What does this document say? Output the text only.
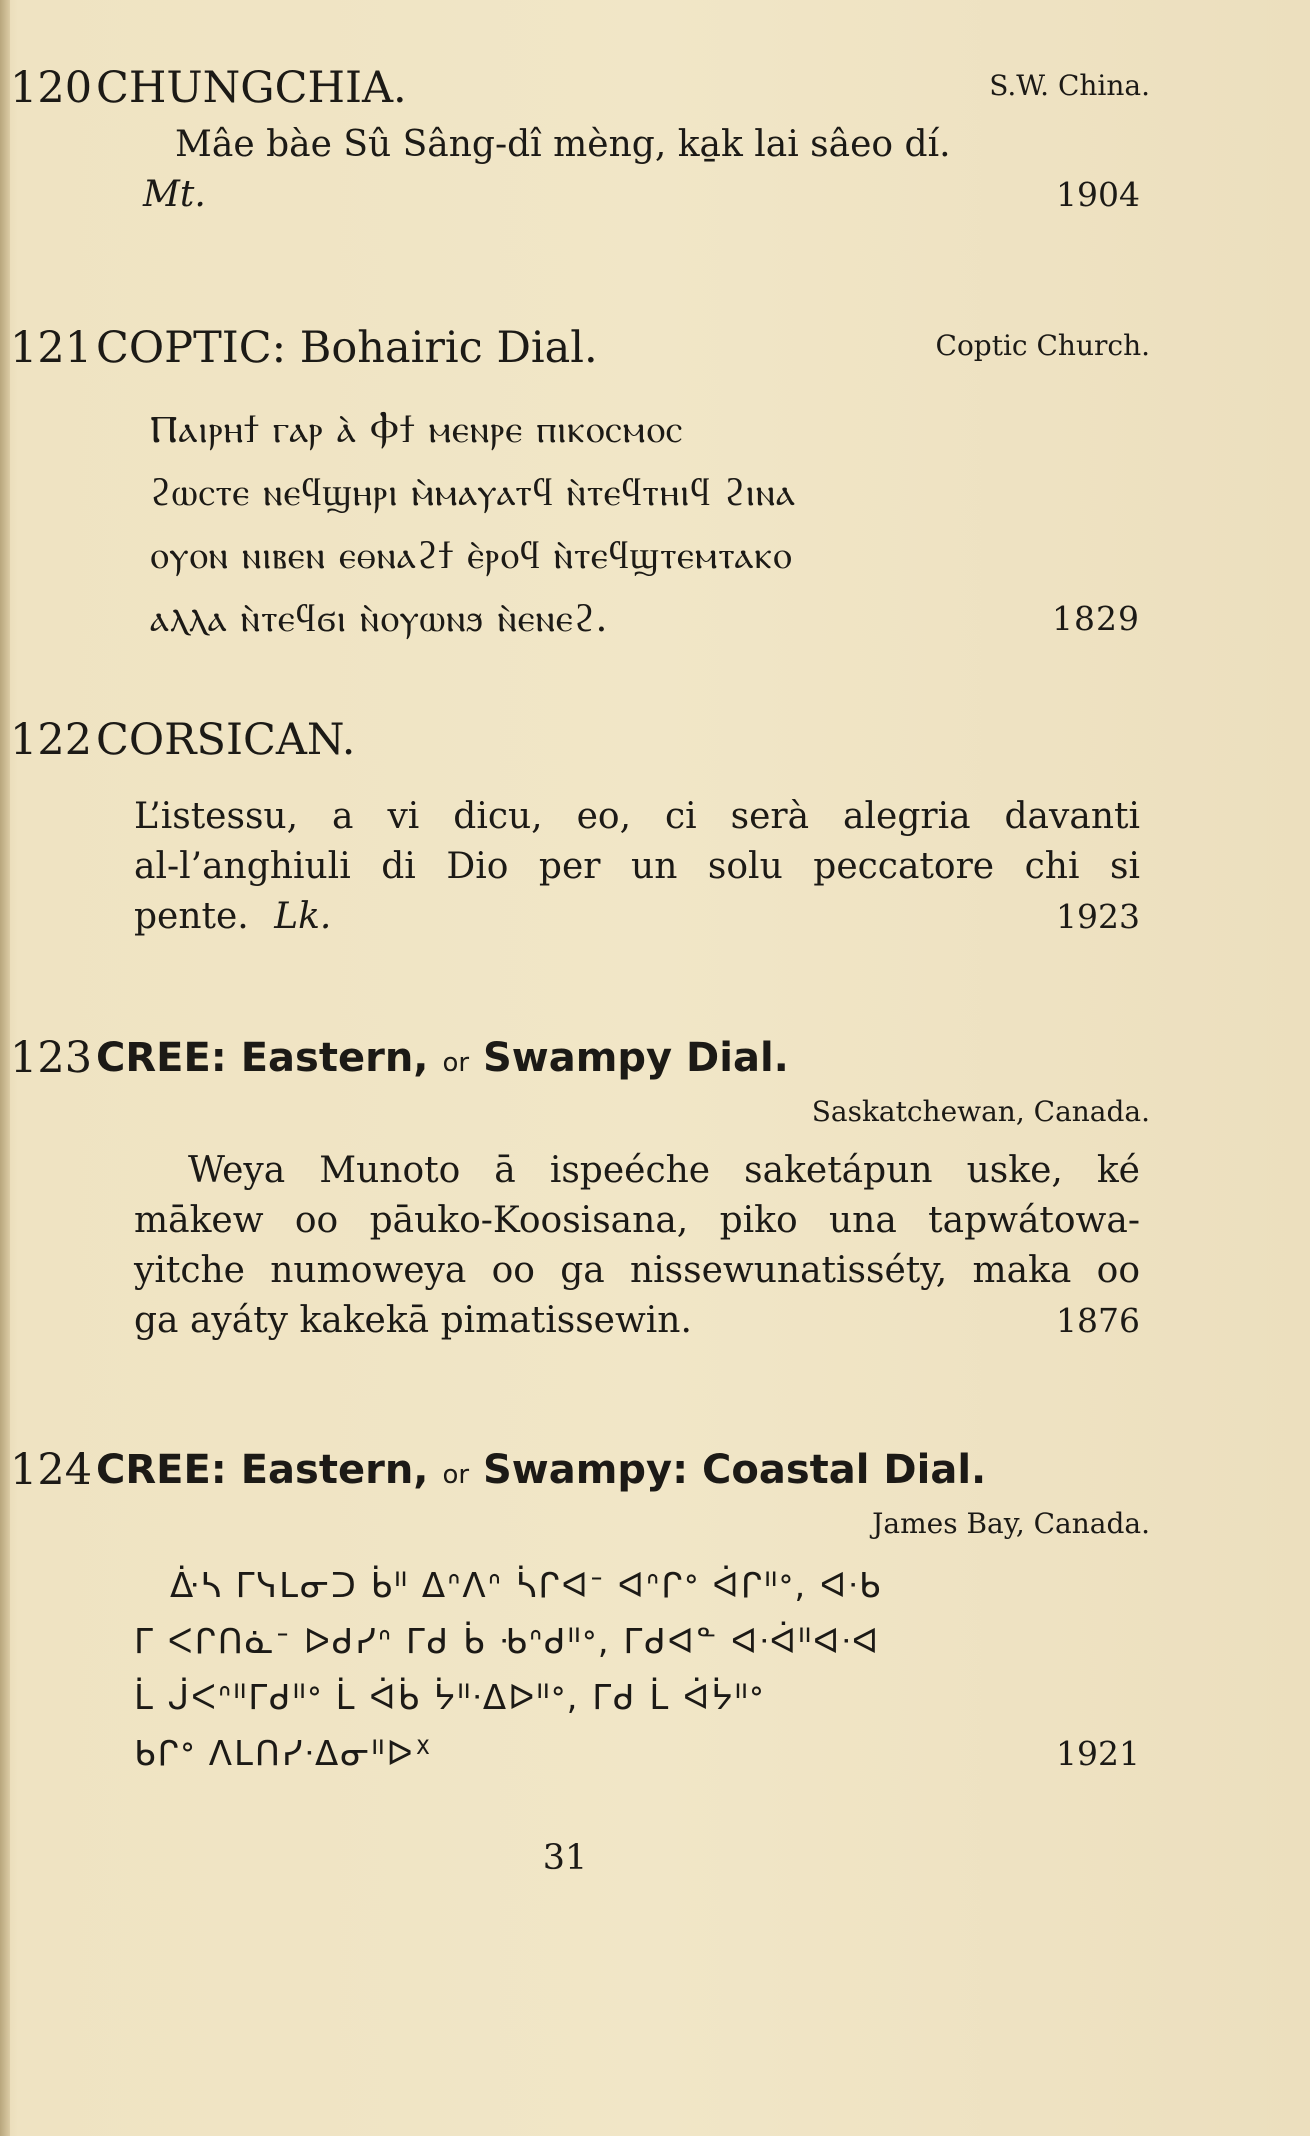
120 CHUNGCHIA.	S.W. China.
Mâe bàe Sû Sâng-dî mèng, ka̱k lai sâeo dí.
Mt.	1904
121 COPTIC: Bohairic Dial.	Coptic Church.
Ⲡⲁⲓⲣⲏϯ ⲅⲁⲣ ⲁ̀ Ⲫϯ ⲙⲉⲛⲣⲉ ⲡⲓⲕⲟⲥⲙⲟⲥ
ϩⲱⲥⲧⲉ ⲛⲉϥϣⲏⲣⲓ ⲙ̀ⲙⲁⲩⲁⲧϥ ⲛ̀ⲧⲉϥⲧⲏⲓϥ ϩⲓⲛⲁ
ⲟⲩⲟⲛ ⲛⲓⲃⲉⲛ ⲉⲑⲛⲁϩϯ ⲉ̀ⲣⲟϥ ⲛ̀ⲧⲉϥϣⲧⲉⲙⲧⲁⲕⲟ
ⲁⲗⲗⲁ ⲛ̀ⲧⲉϥϭⲓ ⲛ̀ⲟⲩⲱⲛϧ ⲛ̀ⲉⲛⲉϩ.	1829
122 CORSICAN.
L’istessu, a vi dicu, eo, ci serà alegria davanti
al-l’anghiuli di Dio per un solu peccatore chi si
pente. Lk.	1923
123 CREE: Eastern, or Swampy Dial.
Saskatchewan, Canada.
Weya Munoto ā ispeéche saketápun uske, ké
mākew oo pāuko-Koosisana, piko una tapwátowa-
yitche numoweya oo ga nissewunatisséty, maka oo
ga ayáty kakekā pimatissewin.	1876
124 CREE: Eastern, or Swampy: Coastal Dial.
James Bay, Canada.
ᐑᓴ ᒥᓭᒪᓂᑐ ᑳᐦ ᐃᐢᐱᐢ ᓵᒋᐊᐨ ᐊᐢᒋᐤ ᐋᒋᐦᐤ, ᐊᐧᑲ
ᒥ ᐸᒋᑎᓈᐨ ᐅᑯᓯᐢ ᒥᑯ ᑳ ᑾᐢᑯᐦᐤ, ᒥᑯᐊᓐ ᐊᐧᐋᐦᐊᐧᐊ
ᒫ ᒎᐸᐢᐦᒥᑯᐦᐤ ᒫ ᐋᑳ ᔮᐦᐧᐃᐅᐦᐤ, ᒥᑯ ᒫ ᐋᔮᐦᐤ
ᑲᒋᐤ ᐱᒪᑎᓯᐧᐃᓂᐦᐅᕽ	1921
31
